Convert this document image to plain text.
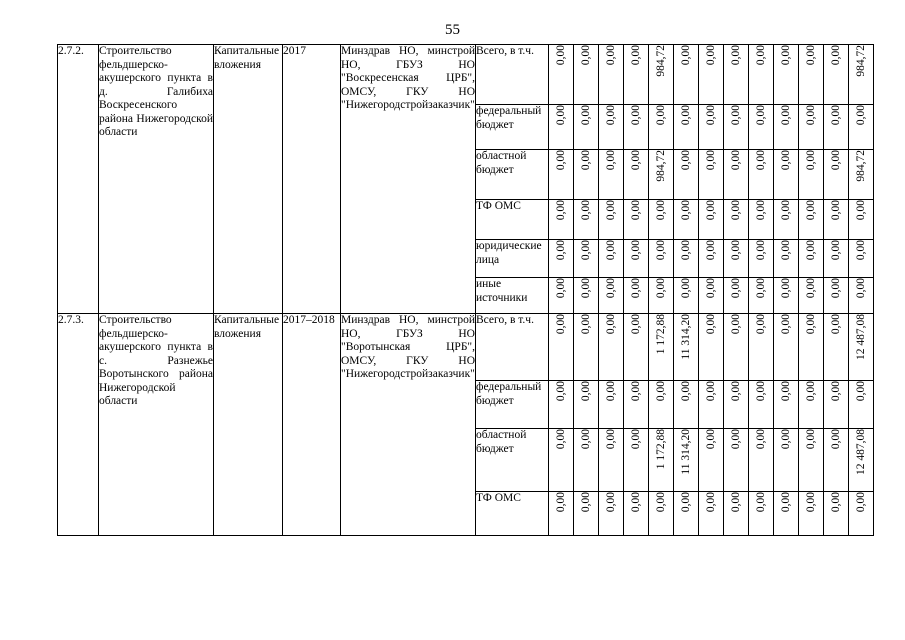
55
2.7.2.	Строительство фельдшерско-акушерского пункта в д. Галибиха Воскресенского района Нижегородской области	Капитальные вложения	2017	Минздрав НО, минстрой НО, ГБУЗ НО "Воскресенская ЦРБ", ОМСУ, ГКУ НО "Нижегородстройзаказчик"	Всего, в т.ч.	0,00	0,00	0,00	0,00	984,72	0,00	0,00	0,00	0,00	0,00	0,00	0,00	984,72

					федеральный бюджет	0,00	0,00	0,00	0,00	0,00	0,00	0,00	0,00	0,00	0,00	0,00	0,00	0,00

					областной бюджет	0,00	0,00	0,00	0,00	984,72	0,00	0,00	0,00	0,00	0,00	0,00	0,00	984,72

					ТФ ОМС	0,00	0,00	0,00	0,00	0,00	0,00	0,00	0,00	0,00	0,00	0,00	0,00	0,00

					юридические лица	0,00	0,00	0,00	0,00	0,00	0,00	0,00	0,00	0,00	0,00	0,00	0,00	0,00

					иные источники	0,00	0,00	0,00	0,00	0,00	0,00	0,00	0,00	0,00	0,00	0,00	0,00	0,00

2.7.3.	Строительство фельдшерско-акушерского пункта в с. Разнежье Воротынского района Нижегородской области	Капитальные вложения	2017–2018	Минздрав НО, минстрой НО, ГБУЗ НО "Воротынская ЦРБ", ОМСУ, ГКУ НО "Нижегородстройзаказчик"	Всего, в т.ч.	0,00	0,00	0,00	0,00	1 172,88	11 314,20	0,00	0,00	0,00	0,00	0,00	0,00	12 487,08

					федеральный бюджет	0,00	0,00	0,00	0,00	0,00	0,00	0,00	0,00	0,00	0,00	0,00	0,00	0,00

					областной бюджет	0,00	0,00	0,00	0,00	1 172,88	11 314,20	0,00	0,00	0,00	0,00	0,00	0,00	12 487,08

					ТФ ОМС	0,00	0,00	0,00	0,00	0,00	0,00	0,00	0,00	0,00	0,00	0,00	0,00	0,00
